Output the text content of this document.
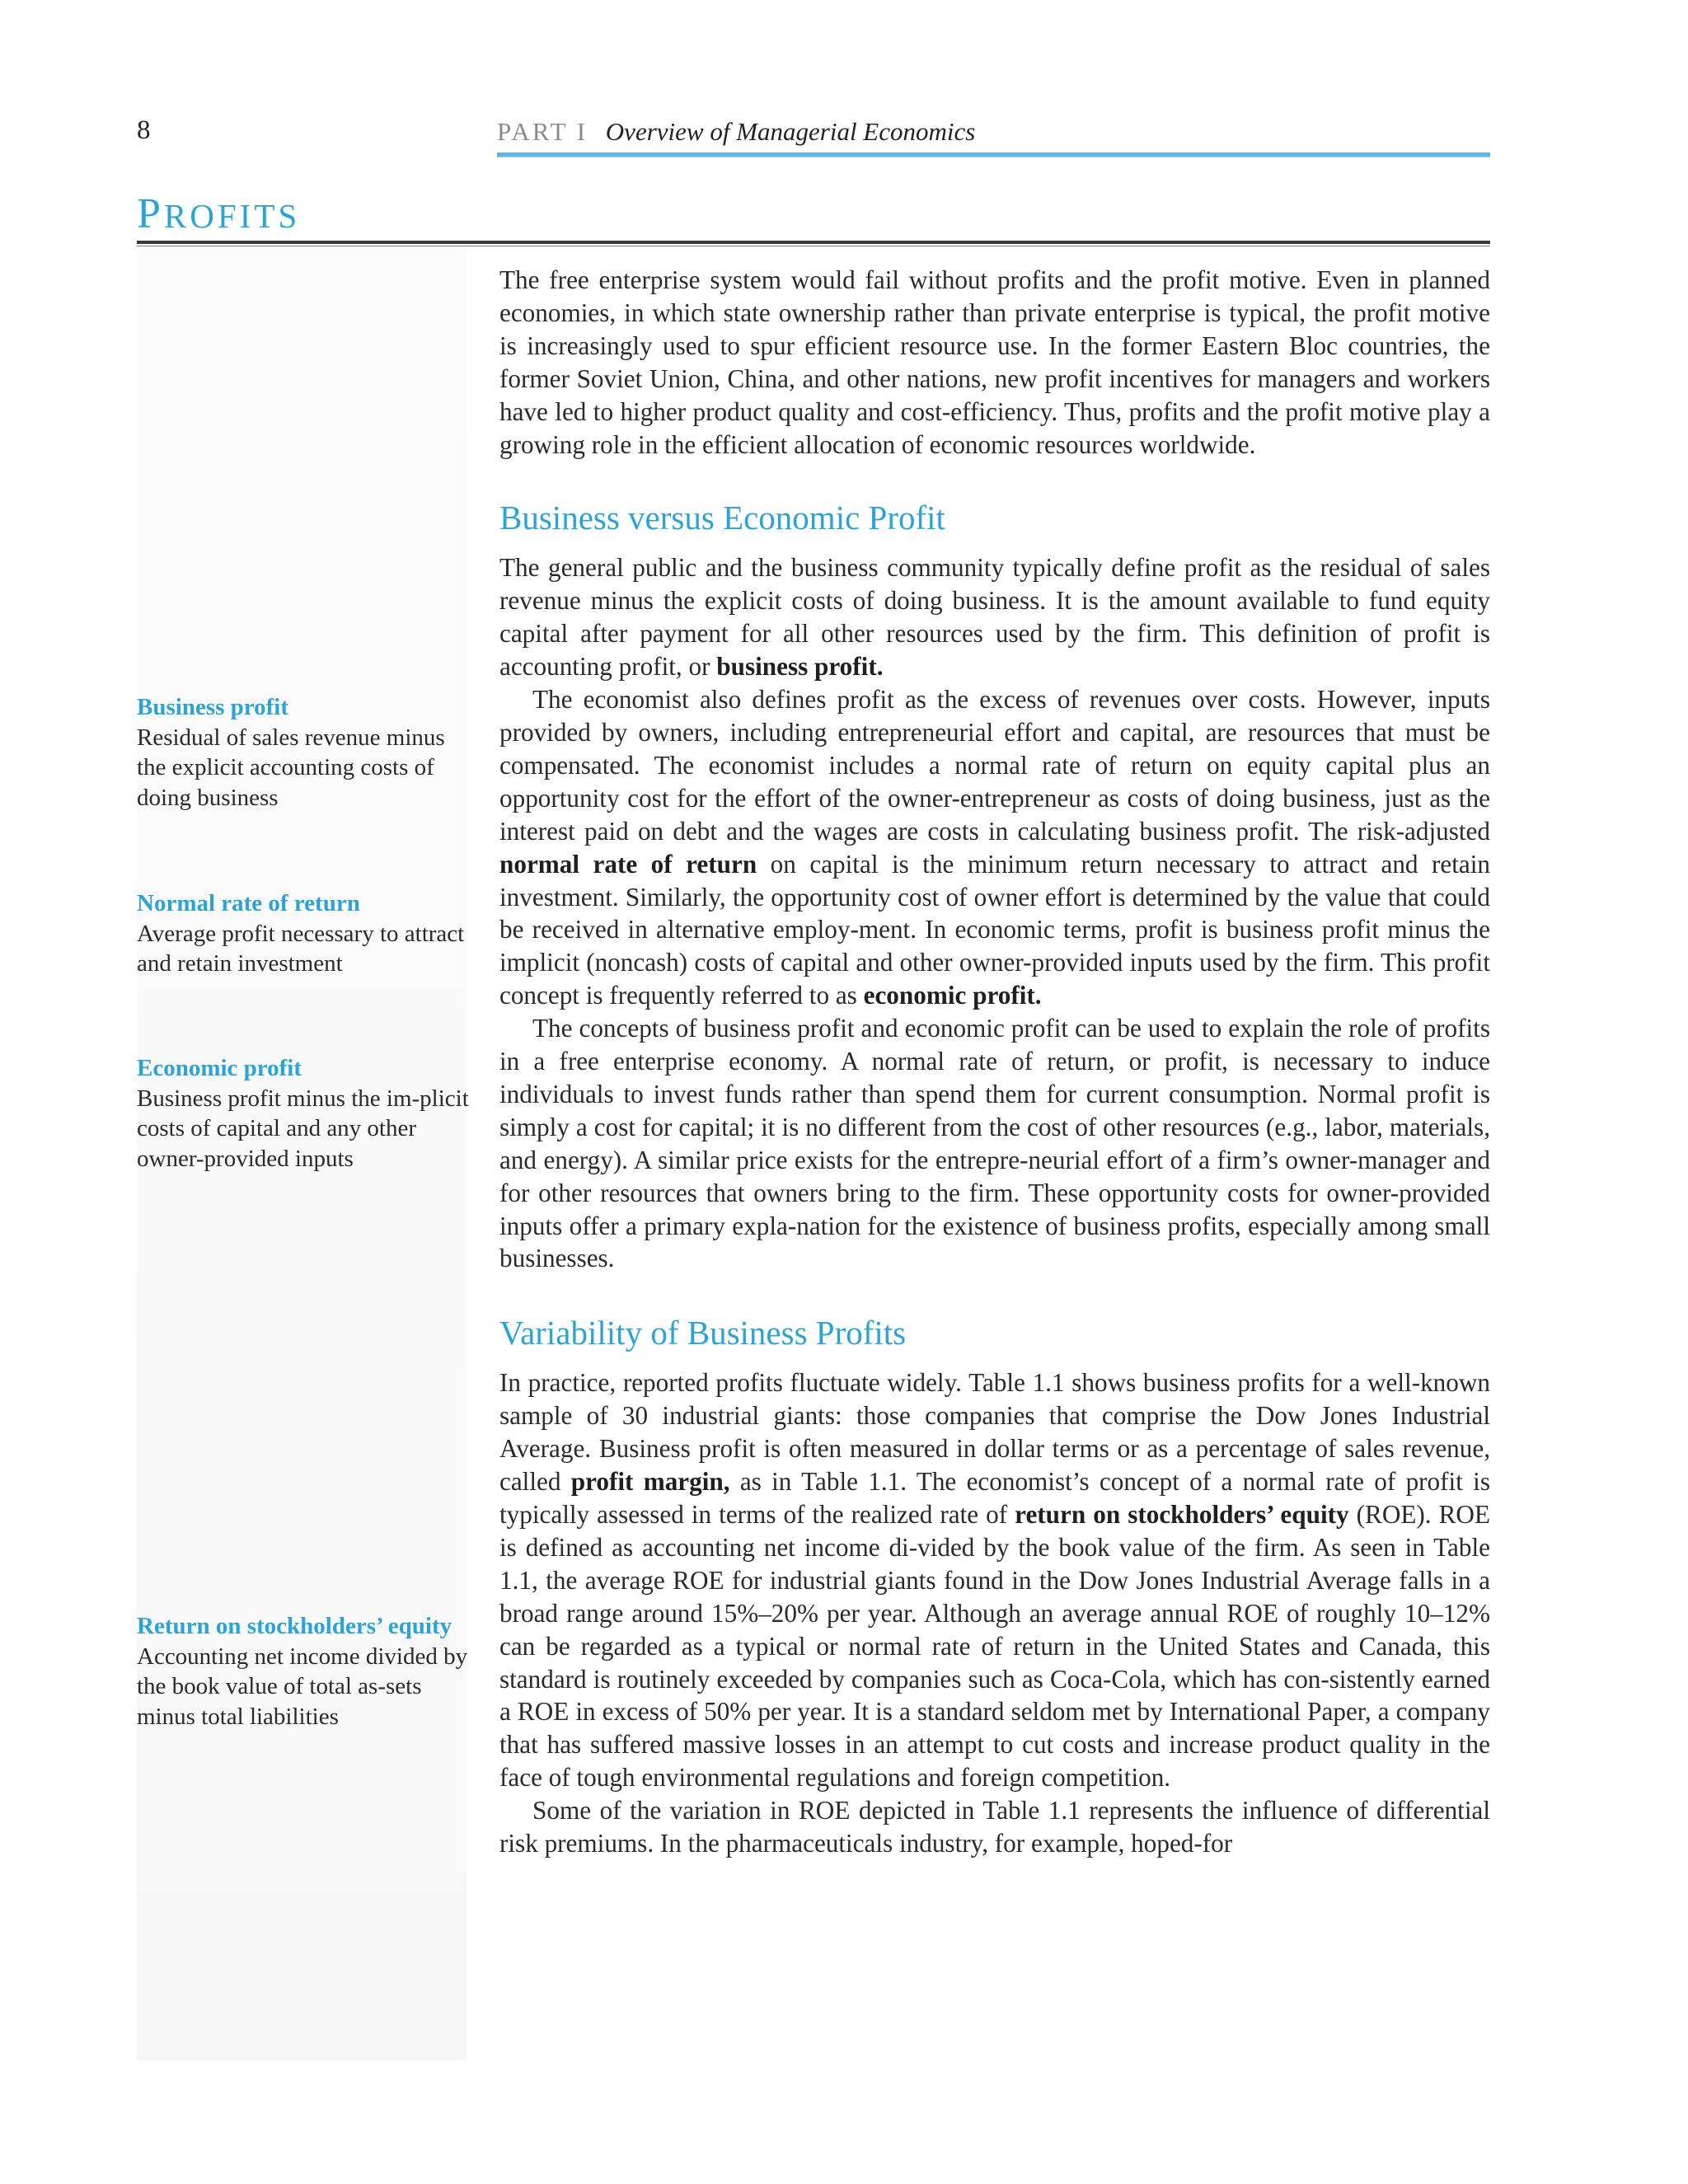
8	PART I Overview of Managerial Economics
PROFITS
Business profit
Residual of sales revenue minus the explicit accounting costs of doing business
Normal rate of return
Average profit necessary to attract and retain investment
Economic profit
Business profit minus the im-plicit costs of capital and any other owner-provided inputs
Return on stockholders’ equity
Accounting net income divided by the book value of total as-sets minus total liabilities

The free enterprise system would fail without profits and the profit motive. Even in planned economies, in which state ownership rather than private enterprise is typical, the profit motive is increasingly used to spur efficient resource use. In the former Eastern Bloc countries, the former Soviet Union, China, and other nations, new profit incentives for managers and workers have led to higher product quality and cost-efficiency. Thus, profits and the profit motive play a growing role in the efficient allocation of economic resources worldwide.

Business versus Economic Profit

The general public and the business community typically define profit as the residual of sales revenue minus the explicit costs of doing business. It is the amount available to fund equity capital after payment for all other resources used by the firm. This definition of profit is accounting profit, or business profit.

The economist also defines profit as the excess of revenues over costs. However, inputs provided by owners, including entrepreneurial effort and capital, are resources that must be compensated. The economist includes a normal rate of return on equity capital plus an opportunity cost for the effort of the owner-entrepreneur as costs of doing business, just as the interest paid on debt and the wages are costs in calculating business profit. The risk-adjusted normal rate of return on capital is the minimum return necessary to attract and retain investment. Similarly, the opportunity cost of owner effort is determined by the value that could be received in alternative employ-ment. In economic terms, profit is business profit minus the implicit (noncash) costs of capital and other owner-provided inputs used by the firm. This profit concept is frequently referred to as economic profit.

The concepts of business profit and economic profit can be used to explain the role of profits in a free enterprise economy. A normal rate of return, or profit, is necessary to induce individuals to invest funds rather than spend them for current consumption. Normal profit is simply a cost for capital; it is no different from the cost of other resources (e.g., labor, materials, and energy). A similar price exists for the entrepre-neurial effort of a firm’s owner-manager and for other resources that owners bring to the firm. These opportunity costs for owner-provided inputs offer a primary expla-nation for the existence of business profits, especially among small businesses.

Variability of Business Profits

In practice, reported profits fluctuate widely. Table 1.1 shows business profits for a well-known sample of 30 industrial giants: those companies that comprise the Dow Jones Industrial Average. Business profit is often measured in dollar terms or as a percentage of sales revenue, called profit margin, as in Table 1.1. The economist’s concept of a normal rate of profit is typically assessed in terms of the realized rate of return on stockholders’ equity (ROE). ROE is defined as accounting net income di-vided by the book value of the firm. As seen in Table 1.1, the average ROE for industrial giants found in the Dow Jones Industrial Average falls in a broad range around 15%–20% per year. Although an average annual ROE of roughly 10–12% can be regarded as a typical or normal rate of return in the United States and Canada, this standard is routinely exceeded by companies such as Coca-Cola, which has con-sistently earned a ROE in excess of 50% per year. It is a standard seldom met by International Paper, a company that has suffered massive losses in an attempt to cut costs and increase product quality in the face of tough environmental regulations and foreign competition.

Some of the variation in ROE depicted in Table 1.1 represents the influence of differential risk premiums. In the pharmaceuticals industry, for example, hoped-for
